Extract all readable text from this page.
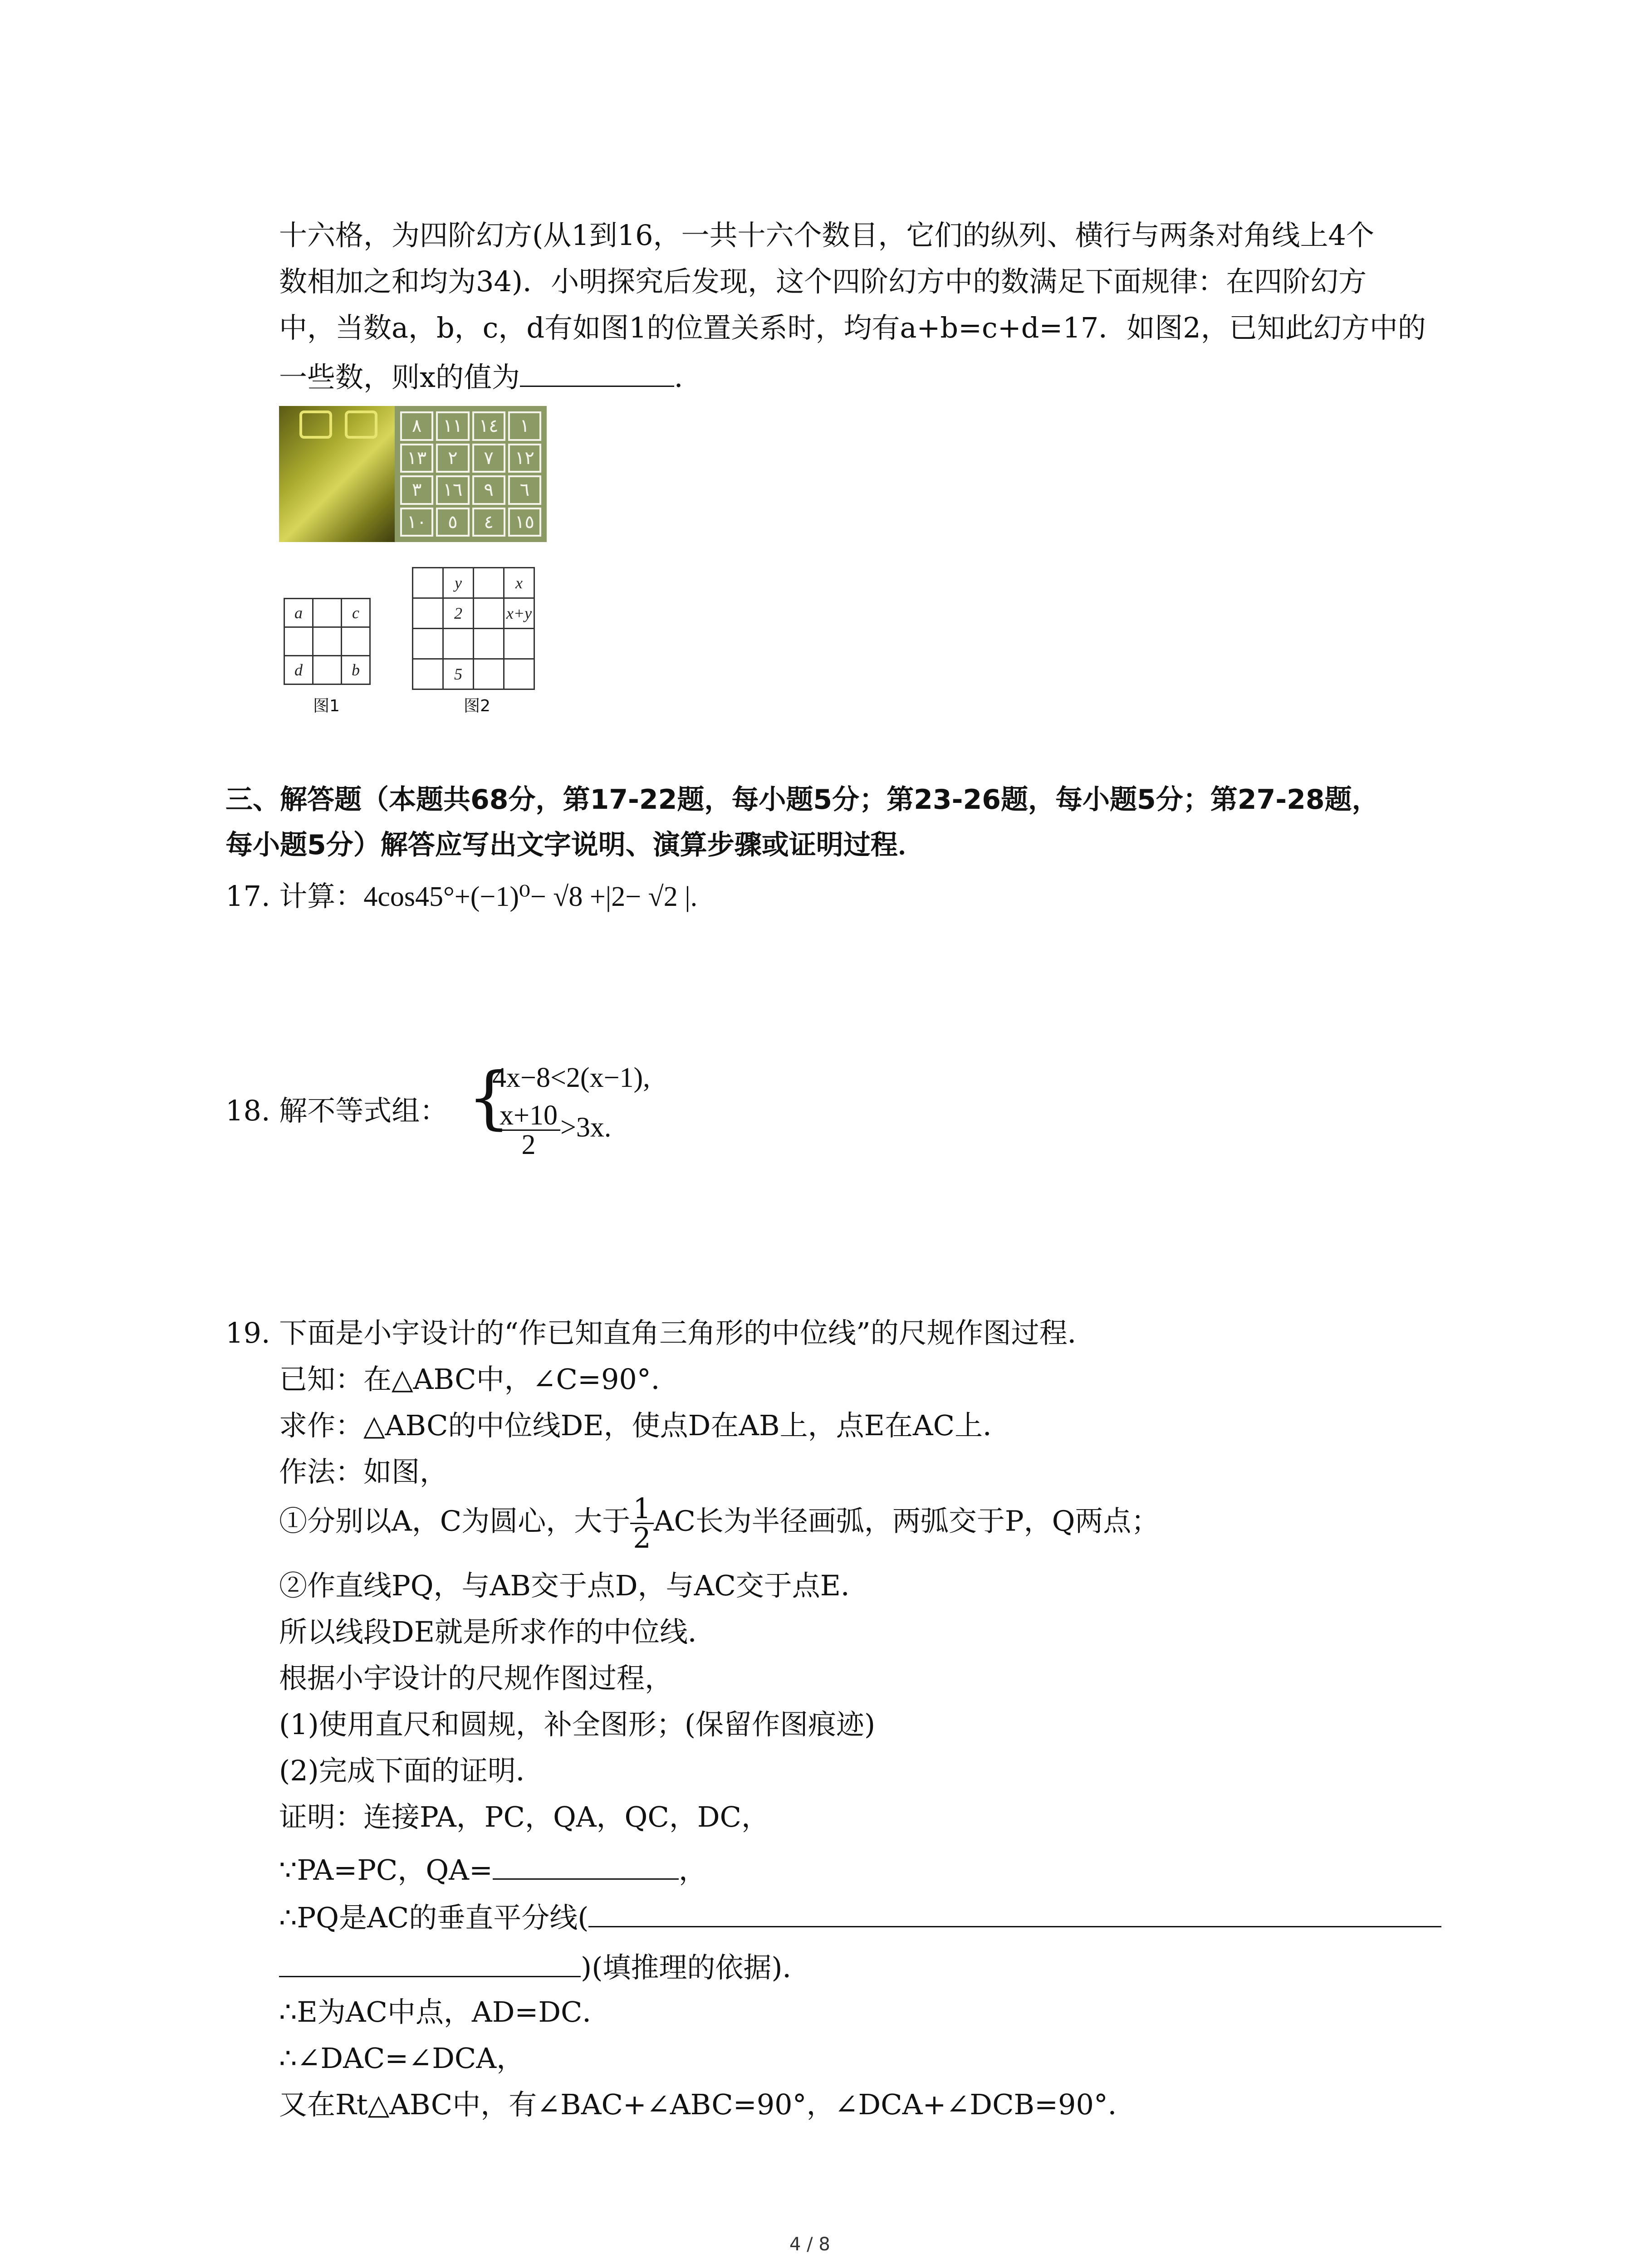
十六格，为四阶幻方(从1到16，一共十六个数目，它们的纵列、横行与两条对角线上4个
数相加之和均为34)．小明探究后发现，这个四阶幻方中的数满足下面规律：在四阶幻方
中，当数a，b，c，d有如图1的位置关系时，均有a+b=c+d=17．如图2，已知此幻方中的
一些数，则x的值为	．
٨	١١ ١٤	١
١٣	٢	٧	١٢
٣	١٦	٩	٦
١٠	٥	٤	١٥
a		c

d		b
图1
	y		x
	2		x+y

	5		
图2
三、解答题（本题共68分，第17-22题，每小题5分；第23-26题，每小题5分；第27-28题，
每小题5分）解答应写出文字说明、演算步骤或证明过程．
17. 计算：4cos45°+(−1)⁰− √8 +|2− √2 |.
18. 解不等式组： {
4x−8<2(x−1),
$\frac{x+10}{2} >3x$.
19. 下面是小宇设计的“作已知直角三角形的中位线”的尺规作图过程．
已知：在△ABC中，∠C=90°．
求作：△ABC的中位线DE，使点D在AB上，点E在AC上．
作法：如图，
①分别以A，C为圆心，大于 $\frac{1}{2}$ AC长为半径画弧，两弧交于P，Q两点；
②作直线PQ，与AB交于点D，与AC交于点E．
所以线段DE就是所求作的中位线．
根据小宇设计的尺规作图过程，
(1)使用直尺和圆规，补全图形；(保留作图痕迹)
(2)完成下面的证明．
证明：连接PA，PC，QA，QC，DC，
∵PA=PC，QA=	，
∴PQ是AC的垂直平分线(
)(填推理的依据)．
∴E为AC中点，AD=DC．
∴∠DAC=∠DCA，
又在Rt△ABC中，有∠BAC+∠ABC=90°，∠DCA+∠DCB=90°．
4 / 8
